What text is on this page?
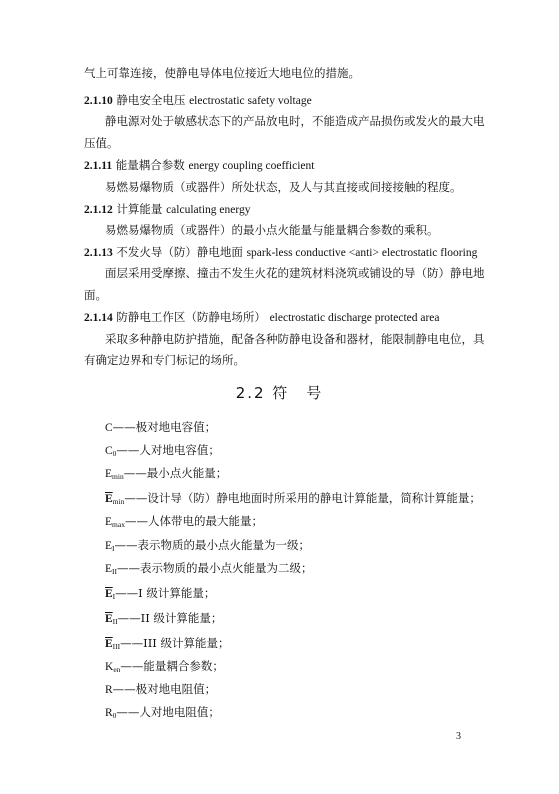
气上可靠连接，使静电导体电位接近大地电位的措施。
2.1.10 静电安全电压 electrostatic safety voltage
静电源对处于敏感状态下的产品放电时，不能造成产品损伤或发火的最大电
压值。
2.1.11 能量耦合参数 energy coupling coefficient
易燃易爆物质（或器件）所处状态，及人与其直接或间接接触的程度。
2.1.12 计算能量 calculating energy
易燃易爆物质（或器件）的最小点火能量与能量耦合参数的乘积。
2.1.13 不发火导（防）静电地面 spark-less conductive <anti> electrostatic flooring
面层采用受摩擦、撞击不发生火花的建筑材料浇筑或铺设的导（防）静电地
面。
2.1.14 防静电工作区（防静电场所） electrostatic discharge protected area
采取多种静电防护措施，配备各种防静电设备和器材，能限制静电电位，具
有确定边界和专门标记的场所。
2.2 符　号
C——极对地电容值；
$C_0——$人对地电容值；
$E_{min}——$最小点火能量；
$\overline{E}_{min}——$设计导（防）静电地面时所采用的静电计算能量，简称计算能量；
$E_{max}——$人体带电的最大能量；
$E_I——$表示物质的最小点火能量为一级；
$E_{II}——$表示物质的最小点火能量为二级；
$\overline{E}_I——I$ 级计算能量；
$\overline{E}_{II}——II$ 级计算能量；
$\overline{E}_{III}——III$ 级计算能量；
$K_{en}——$能量耦合参数；
R——极对地电阻值；
$R_0——$人对地电阻值；
3
